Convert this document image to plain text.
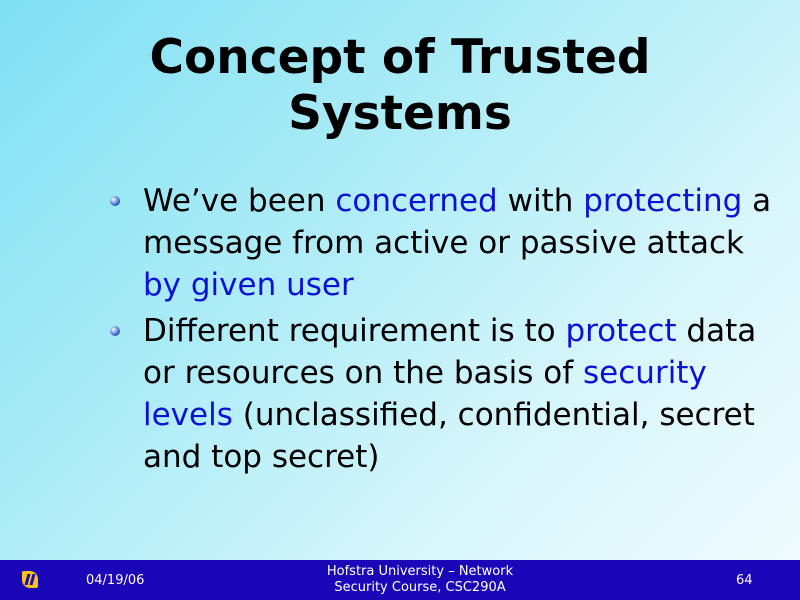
Concept of Trusted
Systems
We’ve been concerned with protecting a message from active or passive attack by given user
Different requirement is to protect data or resources on the basis of security levels (unclassified, confidential, secret and top secret)
04/19/06
Hofstra University – Network
Security Course, CSC290A	64
